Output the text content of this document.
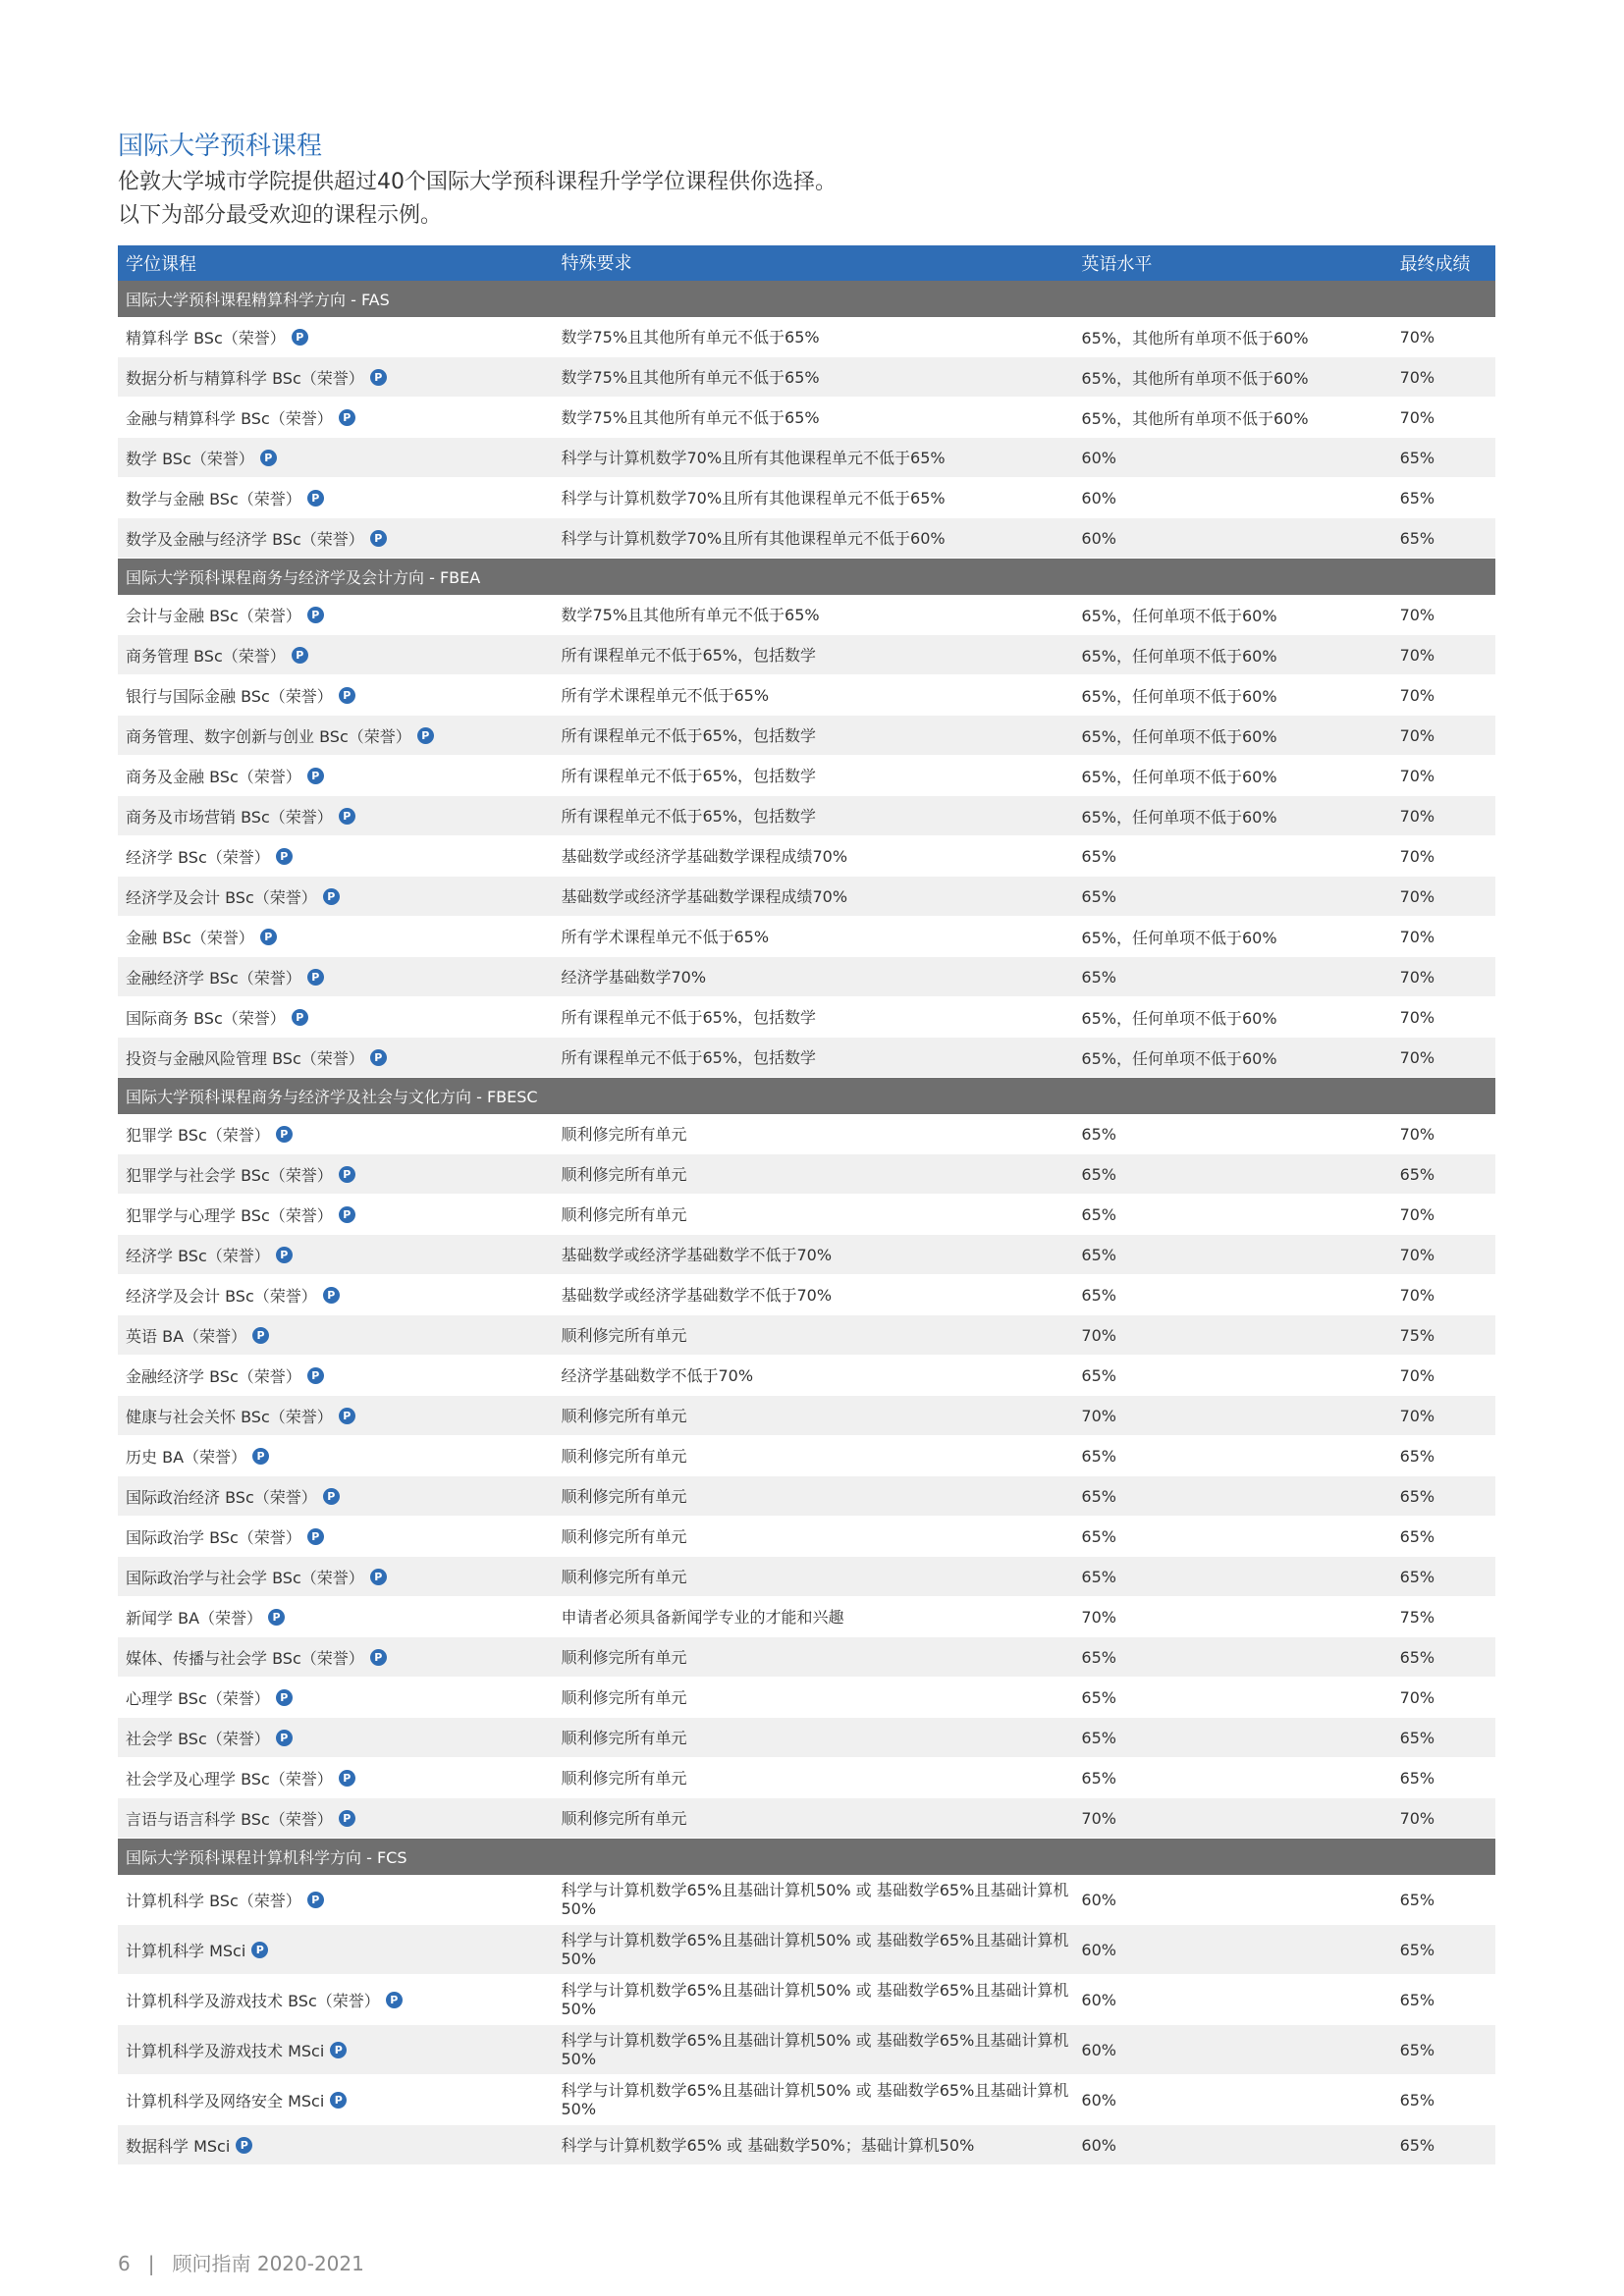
国际大学预科课程
伦敦大学城市学院提供超过40个国际大学预科课程升学学位课程供你选择。
以下为部分最受欢迎的课程示例。
学位课程	特殊要求	英语水平	最终成绩
国际大学预科课程精算科学方向 - FAS
精算科学 BSc（荣誉） P	数学75%且其他所有单元不低于65%	65%，其他所有单项不低于60%	70%
数据分析与精算科学 BSc（荣誉） P	数学75%且其他所有单元不低于65%	65%，其他所有单项不低于60%	70%
金融与精算科学 BSc（荣誉） P	数学75%且其他所有单元不低于65%	65%，其他所有单项不低于60%	70%
数学 BSc（荣誉） P	科学与计算机数学70%且所有其他课程单元不低于65%	60%	65%
数学与金融 BSc（荣誉） P	科学与计算机数学70%且所有其他课程单元不低于65%	60%	65%
数学及金融与经济学 BSc（荣誉） P	科学与计算机数学70%且所有其他课程单元不低于60%	60%	65%
国际大学预科课程商务与经济学及会计方向 - FBEA
会计与金融 BSc（荣誉） P	数学75%且其他所有单元不低于65%	65%，任何单项不低于60%	70%
商务管理 BSc（荣誉） P	所有课程单元不低于65%，包括数学	65%，任何单项不低于60%	70%
银行与国际金融 BSc（荣誉） P	所有学术课程单元不低于65%	65%，任何单项不低于60%	70%
商务管理、数字创新与创业 BSc（荣誉） P	所有课程单元不低于65%，包括数学	65%，任何单项不低于60%	70%
商务及金融 BSc（荣誉） P	所有课程单元不低于65%，包括数学	65%，任何单项不低于60%	70%
商务及市场营销 BSc（荣誉） P	所有课程单元不低于65%，包括数学	65%，任何单项不低于60%	70%
经济学 BSc（荣誉） P	基础数学或经济学基础数学课程成绩70%	65%	70%
经济学及会计 BSc（荣誉） P	基础数学或经济学基础数学课程成绩70%	65%	70%
金融 BSc（荣誉） P	所有学术课程单元不低于65%	65%，任何单项不低于60%	70%
金融经济学 BSc（荣誉） P	经济学基础数学70%	65%	70%
国际商务 BSc（荣誉） P	所有课程单元不低于65%，包括数学	65%，任何单项不低于60%	70%
投资与金融风险管理 BSc（荣誉） P	所有课程单元不低于65%，包括数学	65%，任何单项不低于60%	70%
国际大学预科课程商务与经济学及社会与文化方向 - FBESC
犯罪学 BSc（荣誉） P	顺利修完所有单元	65%	70%
犯罪学与社会学 BSc（荣誉） P	顺利修完所有单元	65%	65%
犯罪学与心理学 BSc（荣誉） P	顺利修完所有单元	65%	70%
经济学 BSc（荣誉） P	基础数学或经济学基础数学不低于70%	65%	70%
经济学及会计 BSc（荣誉） P	基础数学或经济学基础数学不低于70%	65%	70%
英语 BA（荣誉） P	顺利修完所有单元	70%	75%
金融经济学 BSc（荣誉） P	经济学基础数学不低于70%	65%	70%
健康与社会关怀 BSc（荣誉） P	顺利修完所有单元	70%	70%
历史 BA（荣誉） P	顺利修完所有单元	65%	65%
国际政治经济 BSc（荣誉） P	顺利修完所有单元	65%	65%
国际政治学 BSc（荣誉） P	顺利修完所有单元	65%	65%
国际政治学与社会学 BSc（荣誉） P	顺利修完所有单元	65%	65%
新闻学 BA（荣誉） P	申请者必须具备新闻学专业的才能和兴趣	70%	75%
媒体、传播与社会学 BSc（荣誉） P	顺利修完所有单元	65%	65%
心理学 BSc（荣誉） P	顺利修完所有单元	65%	70%
社会学 BSc（荣誉） P	顺利修完所有单元	65%	65%
社会学及心理学 BSc（荣誉） P	顺利修完所有单元	65%	65%
言语与语言科学 BSc（荣誉） P	顺利修完所有单元	70%	70%
国际大学预科课程计算机科学方向 - FCS
计算机科学 BSc（荣誉） P	科学与计算机数学65%且基础计算机50% 或 基础数学65%且基础计算机50%	60%	65%
计算机科学 MSci P	科学与计算机数学65%且基础计算机50% 或 基础数学65%且基础计算机50%	60%	65%
计算机科学及游戏技术 BSc（荣誉） P	科学与计算机数学65%且基础计算机50% 或 基础数学65%且基础计算机50%	60%	65%
计算机科学及游戏技术 MSci P	科学与计算机数学65%且基础计算机50% 或 基础数学65%且基础计算机50%	60%	65%
计算机科学及网络安全 MSci P	科学与计算机数学65%且基础计算机50% 或 基础数学65%且基础计算机50%	60%	65%
数据科学 MSci P	科学与计算机数学65% 或 基础数学50%；基础计算机50%	60%	65%
6 | 顾问指南 2020-2021
